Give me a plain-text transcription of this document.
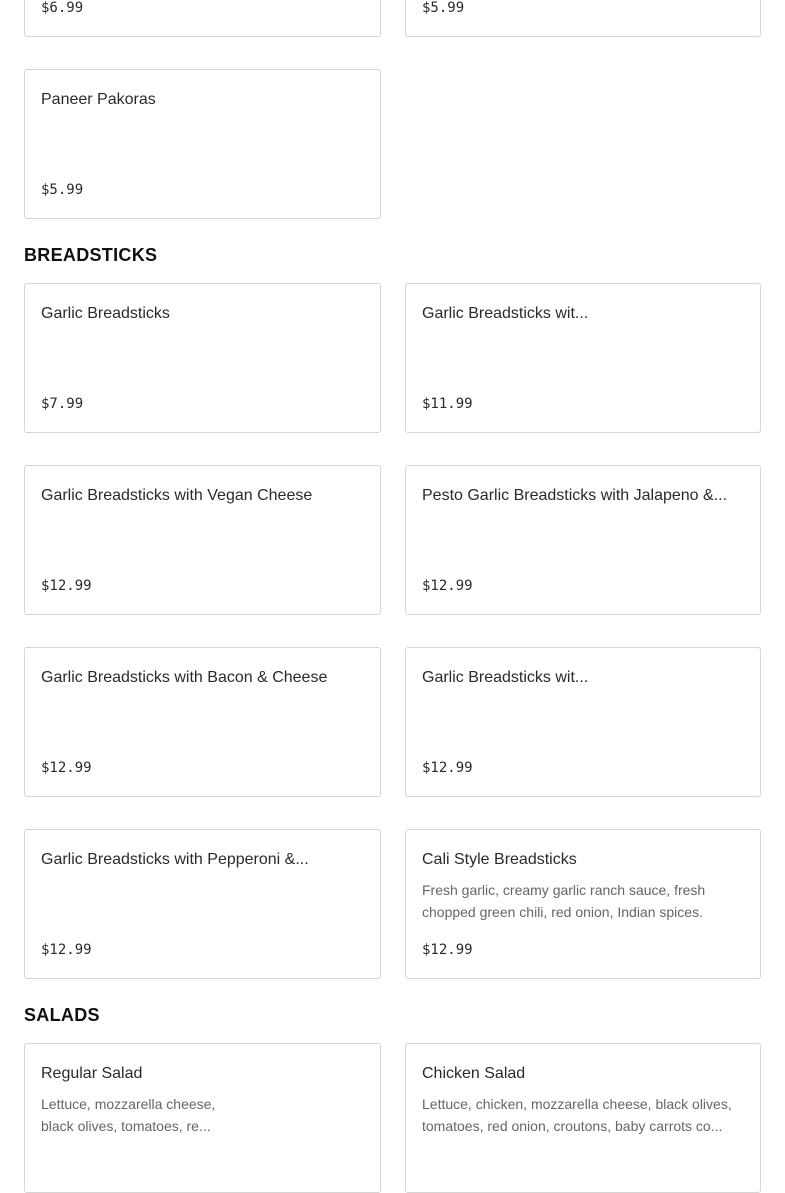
$6.99	$5.99
Paneer Pakoras
$5.99
BREADSTICKS
Garlic Breadsticks
$7.99
Garlic Breadsticks wit...
$11.99
Garlic Breadsticks with Vegan Cheese
$12.99
Pesto Garlic Breadsticks with Jalapeno &...
$12.99
Garlic Breadsticks with Bacon & Cheese
$12.99
Garlic Breadsticks wit...
$12.99
Garlic Breadsticks with Pepperoni &...
$12.99
Cali Style Breadsticks
Fresh garlic, creamy garlic ranch sauce, fresh chopped green chili, red onion, Indian spices.
$12.99
SALADS
Regular Salad
Lettuce, mozzarella cheese, black olives, tomatoes, re...
Chicken Salad
Lettuce, chicken, mozzarella cheese, black olives, tomatoes, red onion, croutons, baby carrots co...
